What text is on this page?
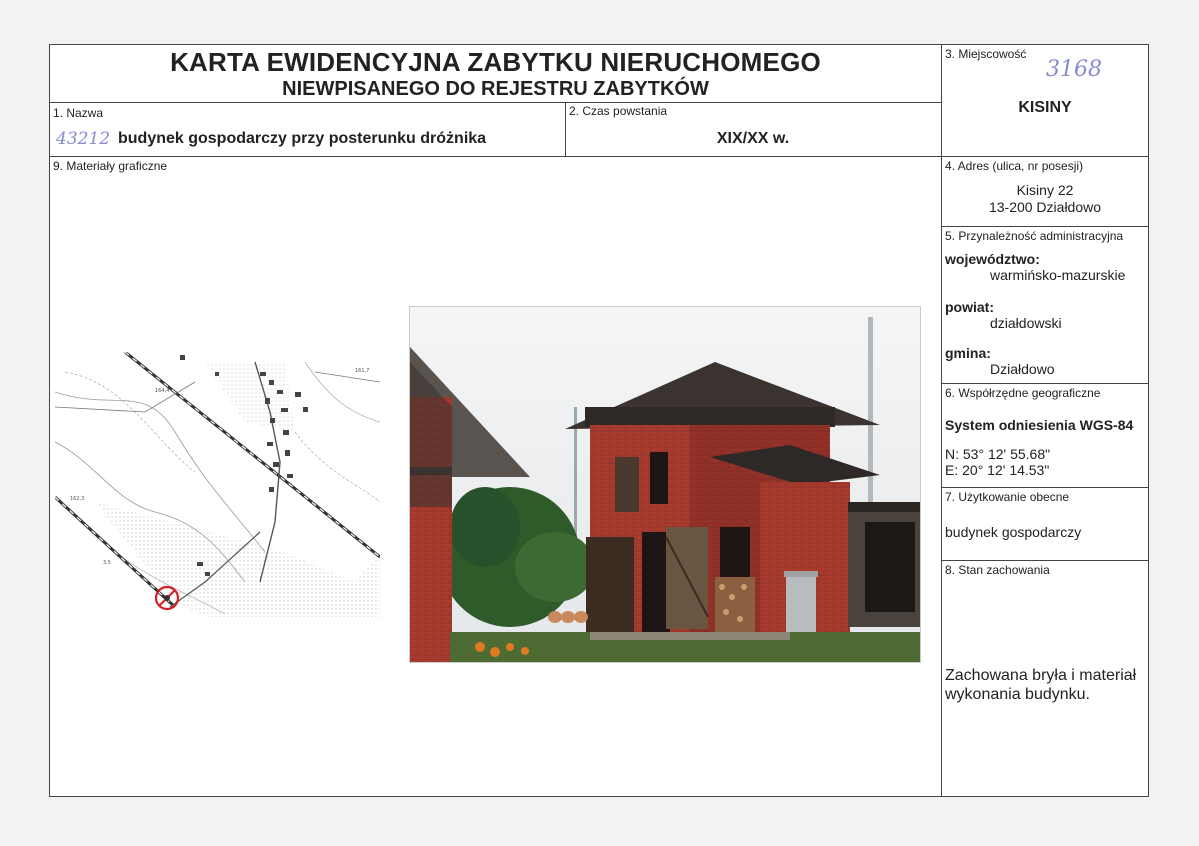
KARTA EWIDENCYJNA ZABYTKU NIERUCHOMEGO
NIEWPISANEGO DO REJESTRU ZABYTKÓW
1. Nazwa
43212 budynek gospodarczy przy posterunku dróżnika
2. Czas powstania
XIX/XX w.
3. Miejscowość
3168
KISINY
4. Adres (ulica, nr posesji)
Kisiny 22
13-200 Działdowo
5. Przynależność administracyjna
województwo:
warmińsko-mazurskie
powiat:
działdowski
gmina:
Działdowo
6. Współrzędne geograficzne
System odniesienia WGS-84
N: 53° 12' 55.68"
E: 20° 12' 14.53"
7. Użytkowanie obecne
budynek gospodarczy
8. Stan zachowania
Zachowana bryła i materiał
wykonania budynku.
9. Materiały graficzne
161,7
164,4
162,3
3,5
